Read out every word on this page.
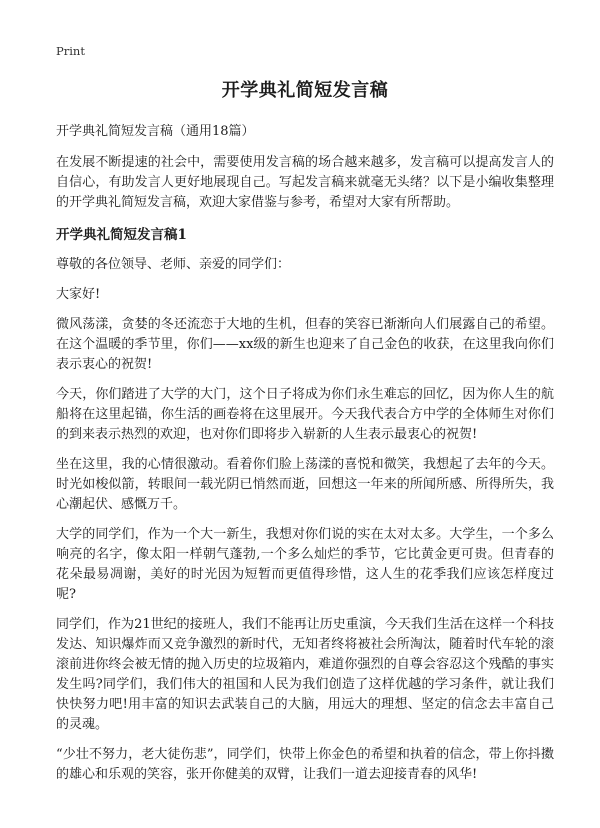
Print
开学典礼简短发言稿
开学典礼简短发言稿（通用18篇）

在发展不断提速的社会中，需要使用发言稿的场合越来越多，发言稿可以提高发言人的自信心，有助发言人更好地展现自己。写起发言稿来就毫无头绪？以下是小编收集整理的开学典礼简短发言稿，欢迎大家借鉴与参考，希望对大家有所帮助。

开学典礼简短发言稿1

尊敬的各位领导、老师、亲爱的同学们：

大家好!

微风荡漾，贪婪的冬还流恋于大地的生机，但春的笑容已渐渐向人们展露自己的希望。在这个温暖的季节里，你们——xx级的新生也迎来了自己金色的收获，在这里我向你们表示衷心的祝贺!

今天，你们踏进了大学的大门，这个日子将成为你们永生难忘的回忆，因为你人生的航船将在这里起锚，你生活的画卷将在这里展开。今天我代表合方中学的全体师生对你们的到来表示热烈的欢迎，也对你们即将步入崭新的人生表示最衷心的祝贺!

坐在这里，我的心情很激动。看着你们脸上荡漾的喜悦和微笑，我想起了去年的今天。时光如梭似箭，转眼间一载光阴已悄然而逝，回想这一年来的所闻所感、所得所失，我心潮起伏、感慨万千。

大学的同学们，作为一个大一新生，我想对你们说的实在太对太多。大学生，一个多么响亮的名字，像太阳一样朝气蓬勃,一个多么灿烂的季节，它比黄金更可贵。但青春的花朵最易凋谢，美好的时光因为短暂而更值得珍惜，这人生的花季我们应该怎样度过呢?

同学们，作为21世纪的接班人，我们不能再让历史重演，今天我们生活在这样一个科技发达、知识爆炸而又竞争激烈的新时代，无知者终将被社会所淘汰，随着时代车轮的滚滚前进你终会被无情的抛入历史的垃圾箱内，难道你强烈的自尊会容忍这个残酷的事实发生吗?同学们，我们伟大的祖国和人民为我们创造了这样优越的学习条件，就让我们快快努力吧!用丰富的知识去武装自己的大脑，用远大的理想、坚定的信念去丰富自己的灵魂。

“少壮不努力，老大徒伤悲”，同学们，快带上你金色的希望和执着的信念，带上你抖擞的雄心和乐观的笑容，张开你健美的双臂，让我们一道去迎接青春的风华!
